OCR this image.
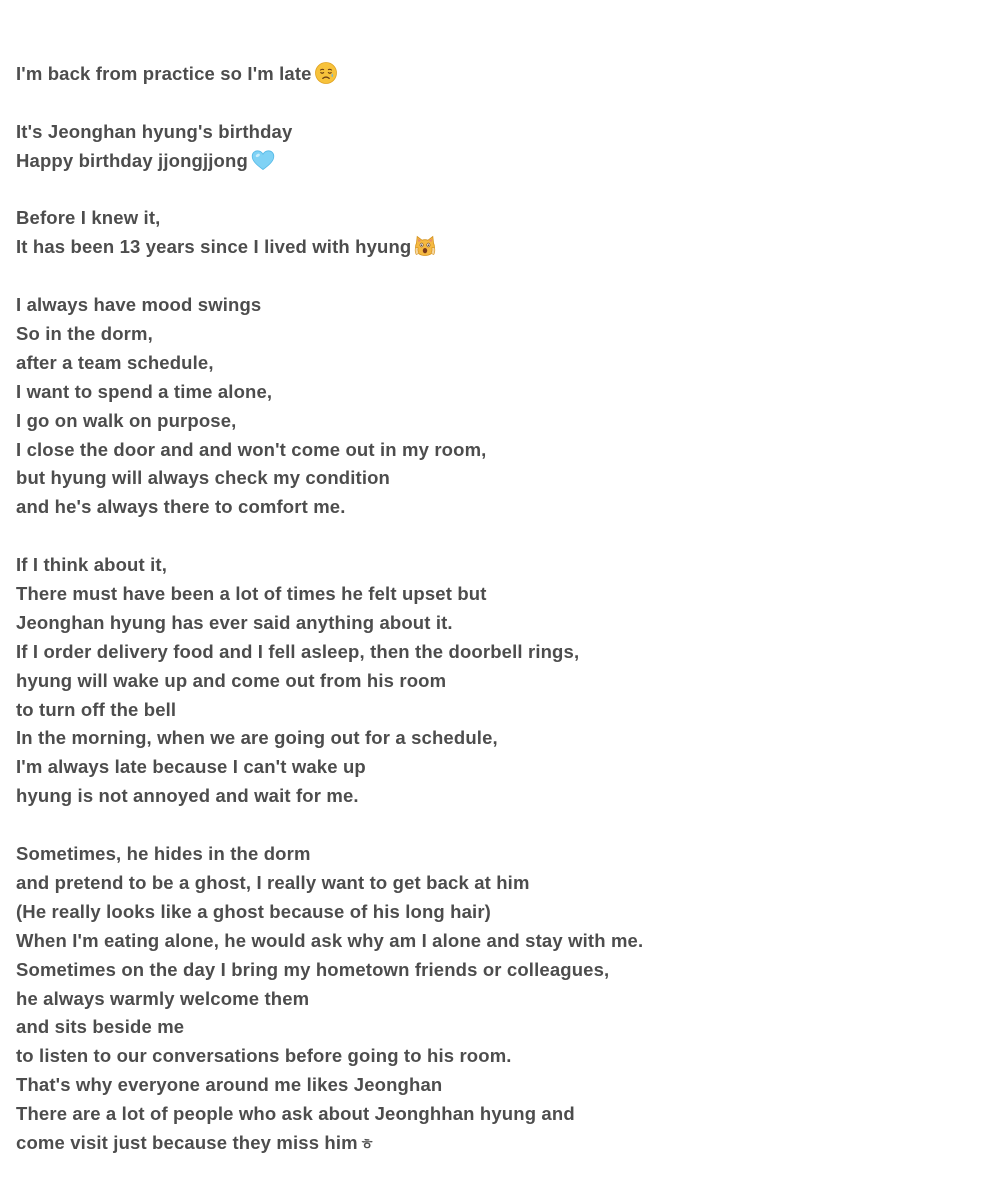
I'm back from practice so I'm late
It's Jeonghan hyung's birthday
Happy birthday jjongjjong
Before I knew it,
It has been 13 years since I lived with hyung
I always have mood swings
So in the dorm,
after a team schedule,
I want to spend a time alone,
I go on walk on purpose,
I close the door and and won't come out in my room,
but hyung will always check my condition
and he's always there to comfort me.
If I think about it,
There must have been a lot of times he felt upset but
Jeonghan hyung has ever said anything about it.
If I order delivery food and I fell asleep, then the doorbell rings,
hyung will wake up and come out from his room
to turn off the bell
In the morning, when we are going out for a schedule,
I'm always late because I can't wake up
hyung is not annoyed and wait for me.
Sometimes, he hides in the dorm
and pretend to be a ghost, I really want to get back at him
(He really looks like a ghost because of his long hair)
When I'm eating alone, he would ask why am I alone and stay with me.
Sometimes on the day I bring my hometown friends or colleagues,
he always warmly welcome them
and sits beside me
to listen to our conversations before going to his room.
That's why everyone around me likes Jeonghan
There are a lot of people who ask about Jeonghhan hyung and
come visit just because they miss him ㅎ
